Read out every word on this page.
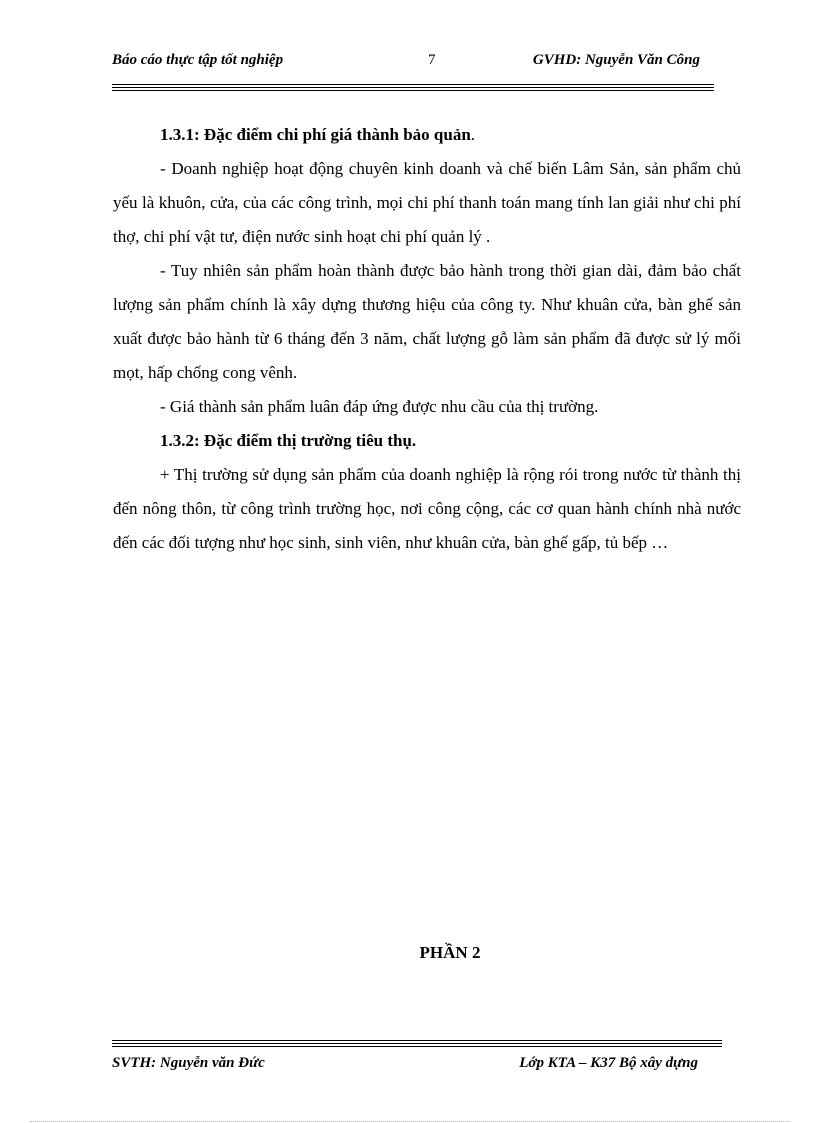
Báo cáo thực tập tốt nghiệp	7	GVHD: Nguyễn Văn Công

1.3.1: Đặc điểm chi phí giá thành bảo quản.

- Doanh nghiệp hoạt động chuyên kinh doanh và chế biến Lâm Sản, sản phẩm chủ yếu là khuôn, cửa, của các công trình, mọi chi phí thanh toán mang tính lan giải như chi phí thợ, chi phí vật tư, điện nước sinh hoạt chi phí quản lý .

- Tuy nhiên sản phẩm hoàn thành được bảo hành trong thời gian dài, đảm bảo chất lượng sản phẩm chính là xây dựng thương hiệu của công ty. Như khuân cửa, bàn ghế sản xuất được bảo hành từ 6 tháng đến 3 năm, chất lượng gỗ làm sản phẩm đã được sử lý mối mọt, hấp chống cong vênh.

- Giá thành sản phẩm luân đáp ứng được nhu cầu của thị trường.

1.3.2: Đặc điểm thị trường tiêu thụ.

+ Thị trường sử dụng sản phẩm của doanh nghiệp là rộng rói trong nước từ thành thị đến nông thôn, từ công trình trường học, nơi công cộng, các cơ quan hành chính nhà nước đến các đối tượng như học sinh, sinh viên, như khuân cửa, bàn ghế gấp, tủ bếp …

PHẦN 2
SVTH: Nguyễn văn Đức	Lớp KTA – K37 Bộ xây dựng
